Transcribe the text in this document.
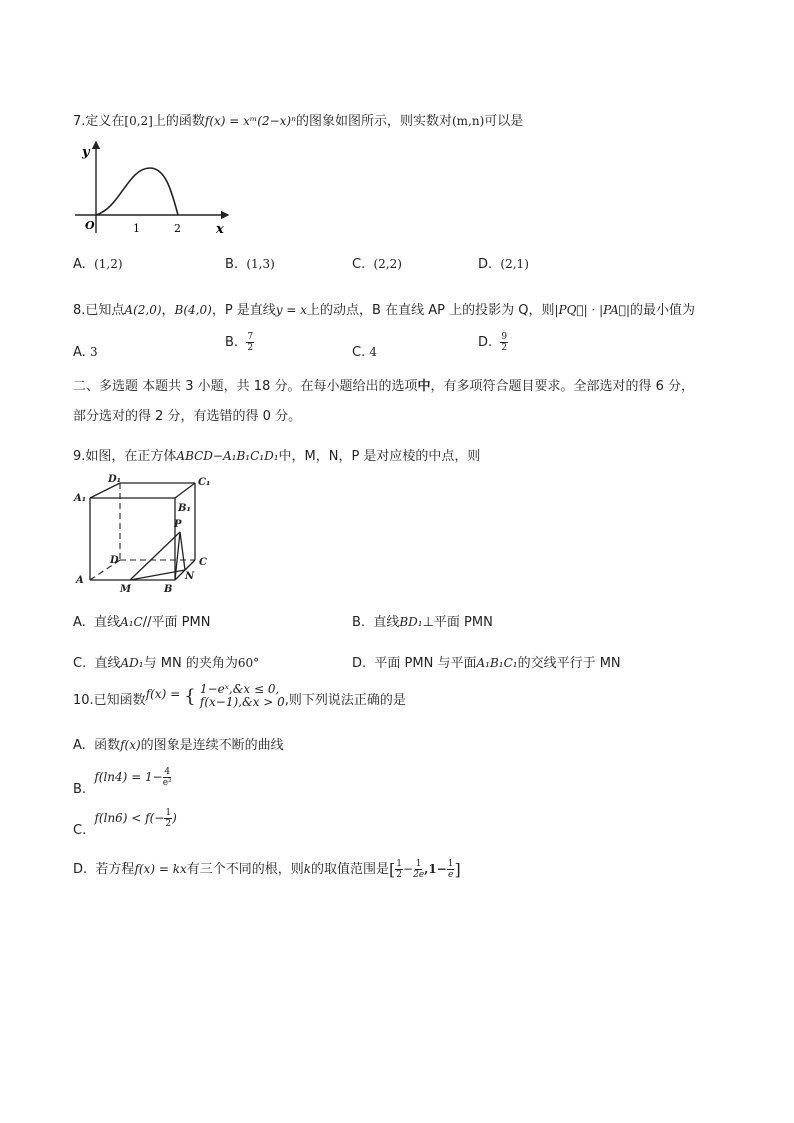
7.定义在[0,2]上的函数f(x) = xᵐ(2−x)ⁿ的图象如图所示，则实数对(m,n)可以是
y
x
O	1	2
A. (1,2)	B. (1,3)	C. (2,2)	D. (2,1)
8.已知点A(2,0)，B(4,0)，P 是直线y = x上的动点，B 在直线 AP 上的投影为 Q，则|PQ⃗| · |PA⃗|的最小值为
A. 3
B. $\frac{7}{2}$	C. 4
D. $\frac{9}{2}$
二、多选题 本题共 3 小题，共 18 分。在每小题给出的选项中，有多项符合题目要求。全部选对的得 6 分，
部分选对的得 2 分，有选错的得 0 分。
9.如图，在正方体ABCD−A₁B₁C₁D₁中，M，N，P 是对应棱的中点，则
A
B
C
D
A₁
B₁
C₁
D₁
M
N
P
A. 直线A₁C//平面 PMN	B. 直线BD₁⊥平面 PMN
C. 直线AD₁与 MN 的夹角为60°	D. 平面 PMN 与平面A₁B₁C₁的交线平行于 MN
10.已知函数f(x) = { 1−eˣ,&x ≤ 0,
f(x−1),&x > 0 ,则下列说法正确的是
A. 函数f(x)的图象是连续不断的曲线
B.  $f(\ln 4) = 1- \frac{4}{\text{e²}}$
C.  $f(\ln 6) < f(- \frac{1}{2}$ )
D. 若方程f(x) = kx有三个不同的根，则k的取值范围是[ $\frac{1}{2} - \frac{1}{2e} ,1- \frac{1}{e}$ ]
